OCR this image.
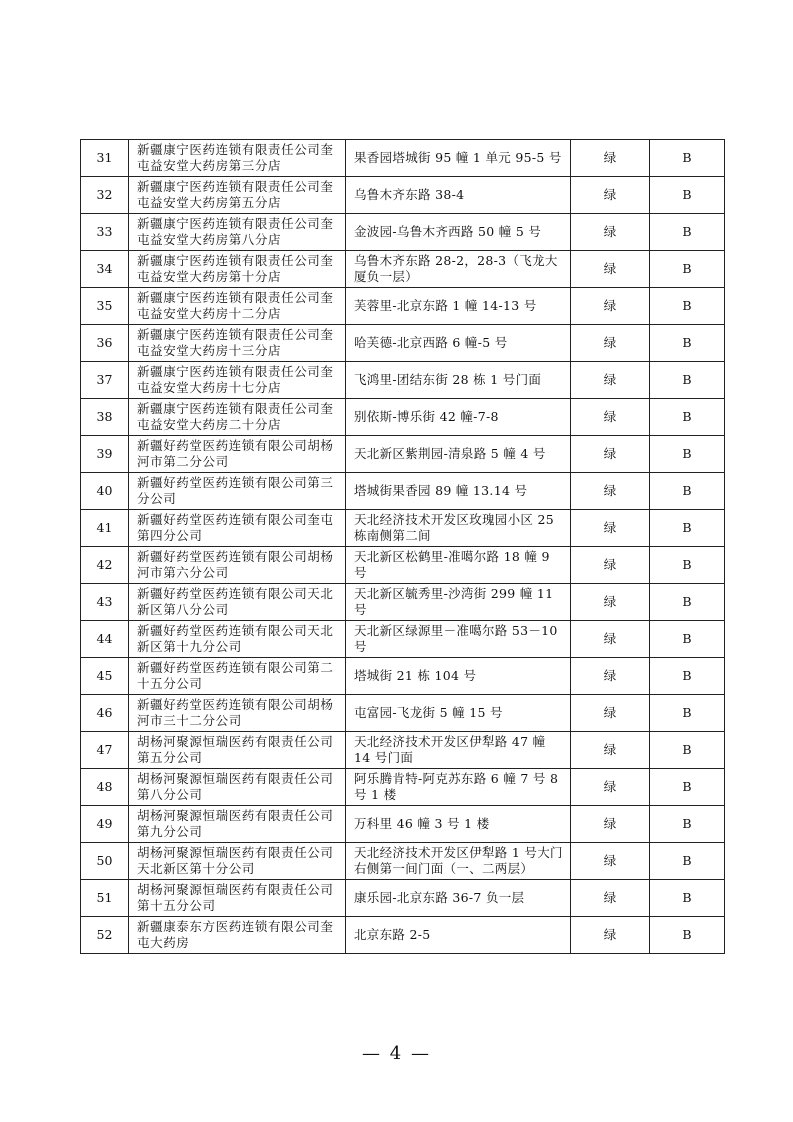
31	新疆康宁医药连锁有限责任公司奎屯益安堂大药房第三分店	果香园塔城街 95 幢 1 单元 95-5 号	绿	B
32	新疆康宁医药连锁有限责任公司奎屯益安堂大药房第五分店	乌鲁木齐东路 38-4	绿	B
33	新疆康宁医药连锁有限责任公司奎屯益安堂大药房第八分店	金波园-乌鲁木齐西路 50 幢 5 号	绿	B
34	新疆康宁医药连锁有限责任公司奎屯益安堂大药房第十分店	乌鲁木齐东路 28-2，28-3（飞龙大厦负一层）	绿	B
35	新疆康宁医药连锁有限责任公司奎屯益安堂大药房十二分店	芙蓉里-北京东路 1 幢 14-13 号	绿	B
36	新疆康宁医药连锁有限责任公司奎屯益安堂大药房十三分店	哈芙德-北京西路 6 幢-5 号	绿	B
37	新疆康宁医药连锁有限责任公司奎屯益安堂大药房十七分店	飞鸿里-团结东街 28 栋 1 号门面	绿	B
38	新疆康宁医药连锁有限责任公司奎屯益安堂大药房二十分店	别依斯-博乐街 42 幢-7-8	绿	B
39	新疆好药堂医药连锁有限公司胡杨河市第二分公司	天北新区紫荆园-清泉路 5 幢 4 号	绿	B
40	新疆好药堂医药连锁有限公司第三分公司	塔城街果香园 89 幢 13.14 号	绿	B
41	新疆好药堂医药连锁有限公司奎屯第四分公司	天北经济技术开发区玫瑰园小区 25 栋南侧第二间	绿	B
42	新疆好药堂医药连锁有限公司胡杨河市第六分公司	天北新区松鹤里-准噶尔路 18 幢 9 号	绿	B
43	新疆好药堂医药连锁有限公司天北新区第八分公司	天北新区毓秀里-沙湾街 299 幢 11 号	绿	B
44	新疆好药堂医药连锁有限公司天北新区第十九分公司	天北新区绿源里－准噶尔路 53－10 号	绿	B
45	新疆好药堂医药连锁有限公司第二十五分公司	塔城街 21 栋 104 号	绿	B
46	新疆好药堂医药连锁有限公司胡杨河市三十二分公司	屯富园-飞龙街 5 幢 15 号	绿	B
47	胡杨河聚源恒瑞医药有限责任公司第五分公司	天北经济技术开发区伊犁路 47 幢 14 号门面	绿	B
48	胡杨河聚源恒瑞医药有限责任公司第八分公司	阿乐腾肯特-阿克苏东路 6 幢 7 号 8 号 1 楼	绿	B
49	胡杨河聚源恒瑞医药有限责任公司第九分公司	万科里 46 幢 3 号 1 楼	绿	B
50	胡杨河聚源恒瑞医药有限责任公司天北新区第十分公司	天北经济技术开发区伊犁路 1 号大门右侧第一间门面（一、二两层）	绿	B
51	胡杨河聚源恒瑞医药有限责任公司第十五分公司	康乐园-北京东路 36-7 负一层	绿	B
52	新疆康泰东方医药连锁有限公司奎屯大药房	北京东路 2-5	绿	B
— 4 —
